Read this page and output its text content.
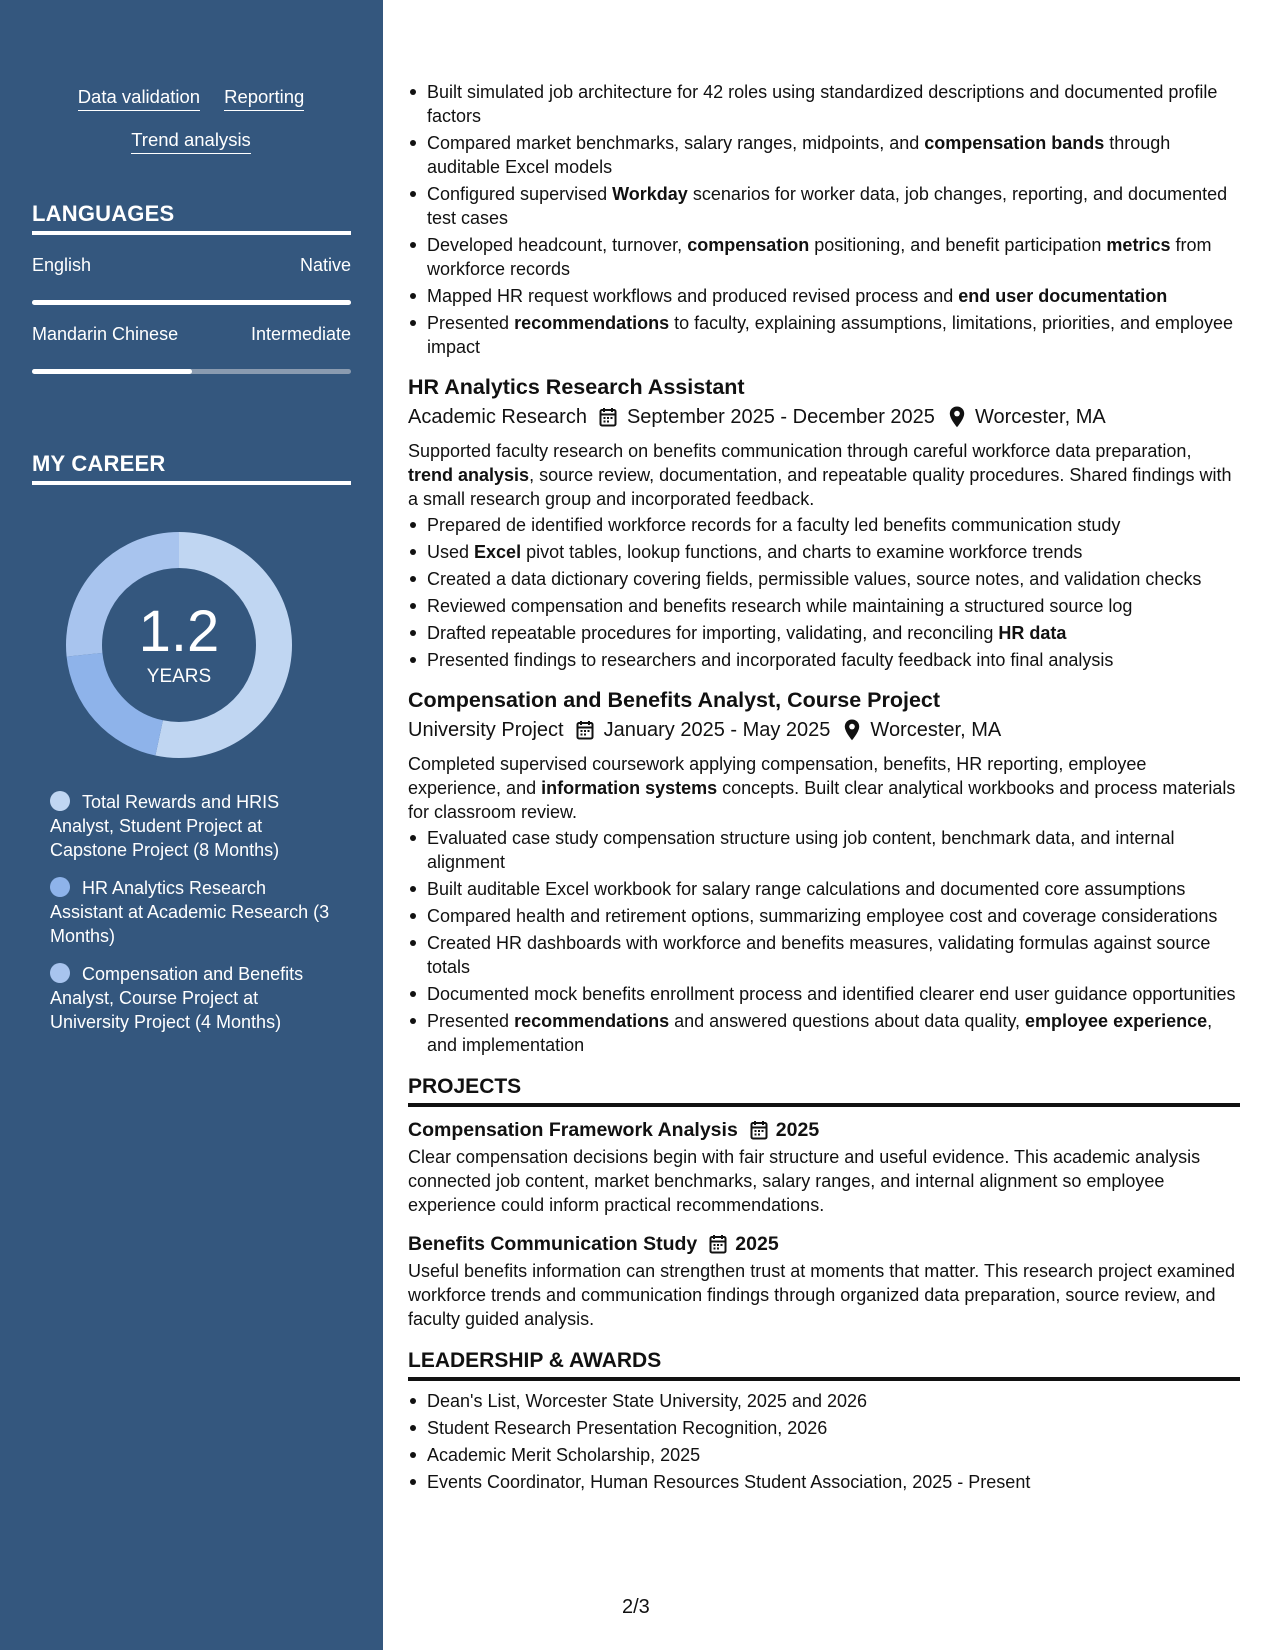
Data validation Reporting
Trend analysis
LANGUAGES
English	Native
Mandarin Chinese	Intermediate
MY CAREER
1.2
YEARS
Total Rewards and HRIS Analyst, Student Project at Capstone Project (8 Months)
HR Analytics Research Assistant at Academic Research (3 Months)
Compensation and Benefits Analyst, Course Project at University Project (4 Months)
Built simulated job architecture for 42 roles using standardized descriptions and documented profile factors
Compared market benchmarks, salary ranges, midpoints, and compensation bands through auditable Excel models
Configured supervised Workday scenarios for worker data, job changes, reporting, and documented test cases
Developed headcount, turnover, compensation positioning, and benefit participation metrics from workforce records
Mapped HR request workflows and produced revised process and end user documentation
Presented recommendations to faculty, explaining assumptions, limitations, priorities, and employee impact
HR Analytics Research Assistant
Academic Research September 2025 - December 2025 Worcester, MA
Supported faculty research on benefits communication through careful workforce data preparation, trend analysis, source review, documentation, and repeatable quality procedures. Shared findings with a small research group and incorporated feedback.
Prepared de identified workforce records for a faculty led benefits communication study
Used Excel pivot tables, lookup functions, and charts to examine workforce trends
Created a data dictionary covering fields, permissible values, source notes, and validation checks
Reviewed compensation and benefits research while maintaining a structured source log
Drafted repeatable procedures for importing, validating, and reconciling HR data
Presented findings to researchers and incorporated faculty feedback into final analysis
Compensation and Benefits Analyst, Course Project
University Project January 2025 - May 2025 Worcester, MA
Completed supervised coursework applying compensation, benefits, HR reporting, employee experience, and information systems concepts. Built clear analytical workbooks and process materials for classroom review.
Evaluated case study compensation structure using job content, benchmark data, and internal alignment
Built auditable Excel workbook for salary range calculations and documented core assumptions
Compared health and retirement options, summarizing employee cost and coverage considerations
Created HR dashboards with workforce and benefits measures, validating formulas against source totals
Documented mock benefits enrollment process and identified clearer end user guidance opportunities
Presented recommendations and answered questions about data quality, employee experience, and implementation
PROJECTS
Compensation Framework Analysis 2025
Clear compensation decisions begin with fair structure and useful evidence. This academic analysis connected job content, market benchmarks, salary ranges, and internal alignment so employee experience could inform practical recommendations.
Benefits Communication Study 2025
Useful benefits information can strengthen trust at moments that matter. This research project examined workforce trends and communication findings through organized data preparation, source review, and faculty guided analysis.
LEADERSHIP & AWARDS
Dean's List, Worcester State University, 2025 and 2026
Student Research Presentation Recognition, 2026
Academic Merit Scholarship, 2025
Events Coordinator, Human Resources Student Association, 2025 - Present
2/3
